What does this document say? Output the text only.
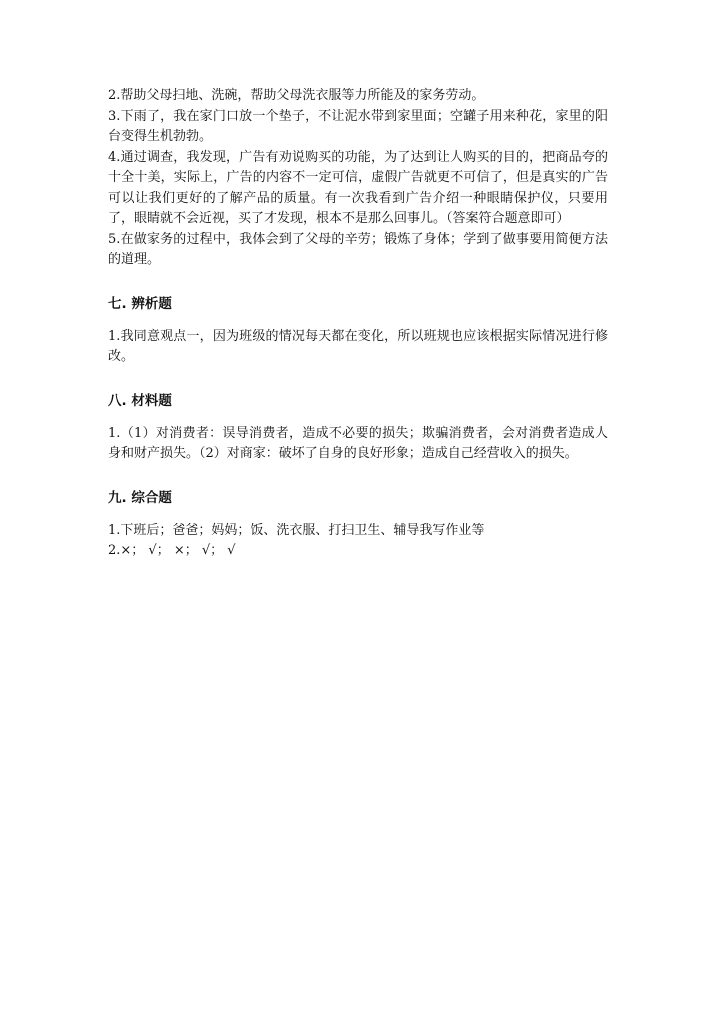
2.帮助父母扫地、洗碗，帮助父母洗衣服等力所能及的家务劳动。

3.下雨了，我在家门口放一个垫子，不让泥水带到家里面；空罐子用来种花，家里的阳台变得生机勃勃。

4.通过调查，我发现，广告有劝说购买的功能，为了达到让人购买的目的，把商品夸的十全十美，实际上，广告的内容不一定可信，虚假广告就更不可信了，但是真实的广告可以让我们更好的了解产品的质量。有一次我看到广告介绍一种眼睛保护仪，只要用了，眼睛就不会近视，买了才发现，根本不是那么回事儿。（答案符合题意即可）

5.在做家务的过程中，我体会到了父母的辛劳；锻炼了身体；学到了做事要用简便方法的道理。

七. 辨析题

1.我同意观点一，因为班级的情况每天都在变化，所以班规也应该根据实际情况进行修改。

八. 材料题

1.（1）对消费者：误导消费者，造成不必要的损失；欺骗消费者，会对消费者造成人身和财产损失。（2）对商家：破坏了自身的良好形象；造成自己经营收入的损失。

九. 综合题

1.下班后；爸爸；妈妈；饭、洗衣服、打扫卫生、辅导我写作业等

2.×； √； ×； √； √
